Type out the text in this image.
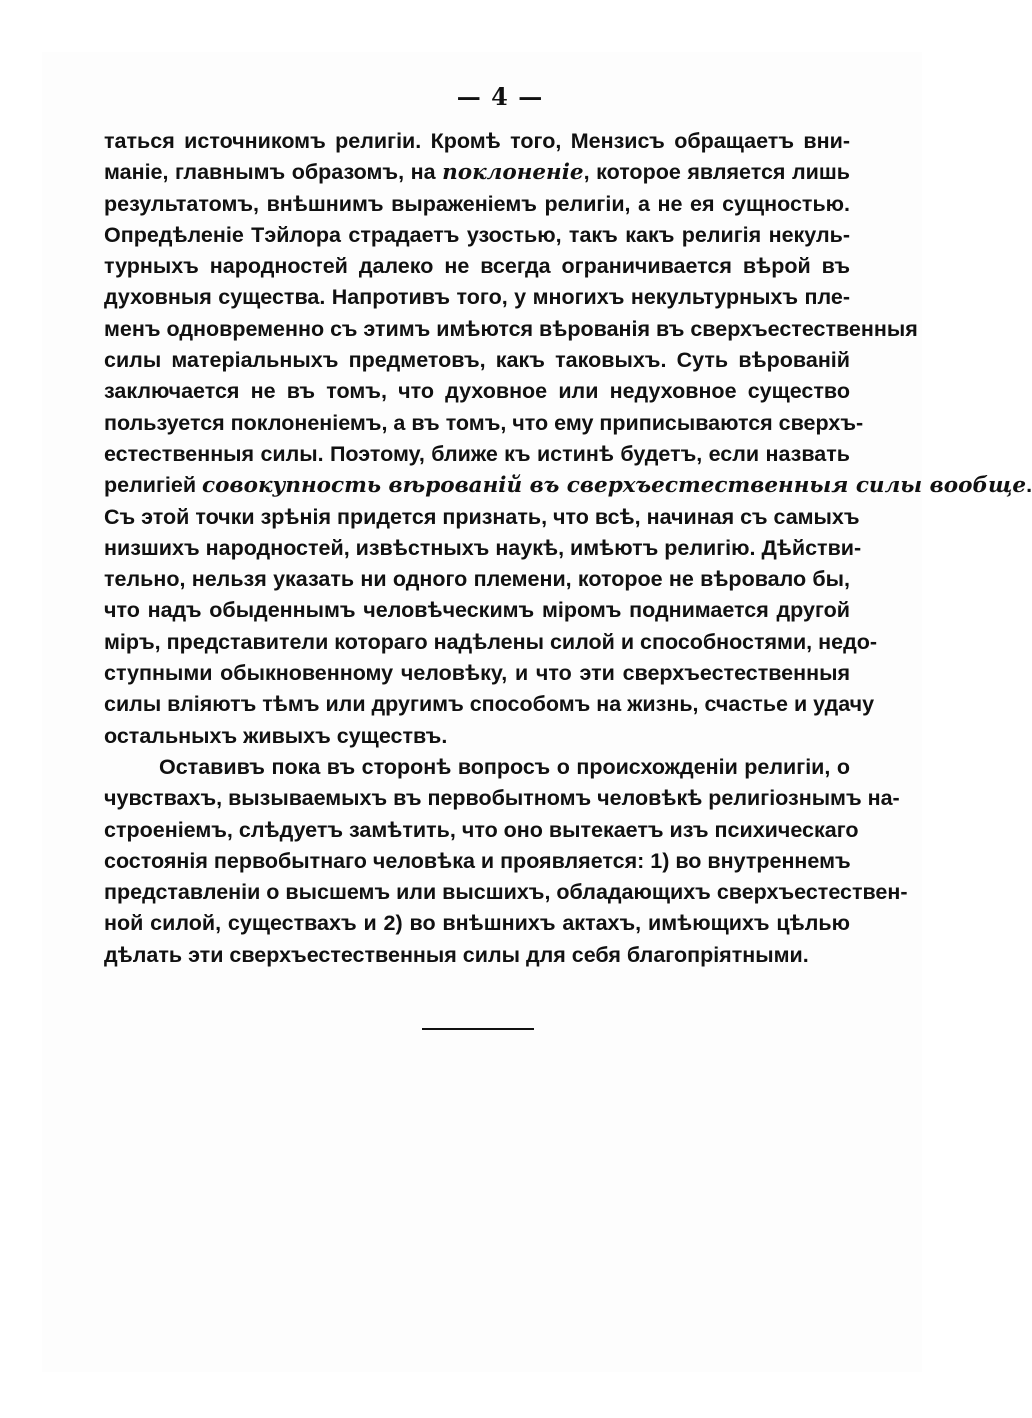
— 4 —
таться источникомъ религіи. Кромѣ того, Мензисъ обращаетъ вни-
маніе, главнымъ образомъ, на поклоненіе, которое является лишь
результатомъ, внѣшнимъ выраженіемъ религіи, а не ея сущностью.
Опредѣленіе Тэйлора страдаетъ узостью, такъ какъ религія некуль-
турныхъ народностей далеко не всегда ограничивается вѣрой въ
духовныя существа. Напротивъ того, у многихъ некультурныхъ пле-
менъ одновременно съ этимъ имѣются вѣрованія въ сверхъестественныя
силы матеріальныхъ предметовъ, какъ таковыхъ. Суть вѣрованій
заключается не въ томъ, что духовное или недуховное существо
пользуется поклоненіемъ, а въ томъ, что ему приписываются сверхъ-
естественныя силы. Поэтому, ближе къ истинѣ будетъ, если назвать
религіей совокупность вѣрованій въ сверхъестественныя силы вообще.
Съ этой точки зрѣнія придется признать, что всѣ, начиная съ самыхъ
низшихъ народностей, извѣстныхъ наукѣ, имѣютъ религію. Дѣйстви-
тельно, нельзя указать ни одного племени, которое не вѣровало бы,
что надъ обыденнымъ человѣческимъ міромъ поднимается другой
міръ, представители котораго надѣлены силой и способностями, недо-
ступными обыкновенному человѣку, и что эти сверхъестественныя
силы вліяютъ тѣмъ или другимъ способомъ на жизнь, счастье и удачу
остальныхъ живыхъ существъ.
Оставивъ пока въ сторонѣ вопросъ о происхожденіи религіи, о
чувствахъ, вызываемыхъ въ первобытномъ человѣкѣ религіознымъ на-
строеніемъ, слѣдуетъ замѣтить, что оно вытекаетъ изъ психическаго
состоянія первобытнаго человѣка и проявляется: 1) во внутреннемъ
представленіи о высшемъ или высшихъ, обладающихъ сверхъестествен-
ной силой, существахъ и 2) во внѣшнихъ актахъ, имѣющихъ цѣлью
дѣлать эти сверхъестественныя силы для себя благопріятными.
